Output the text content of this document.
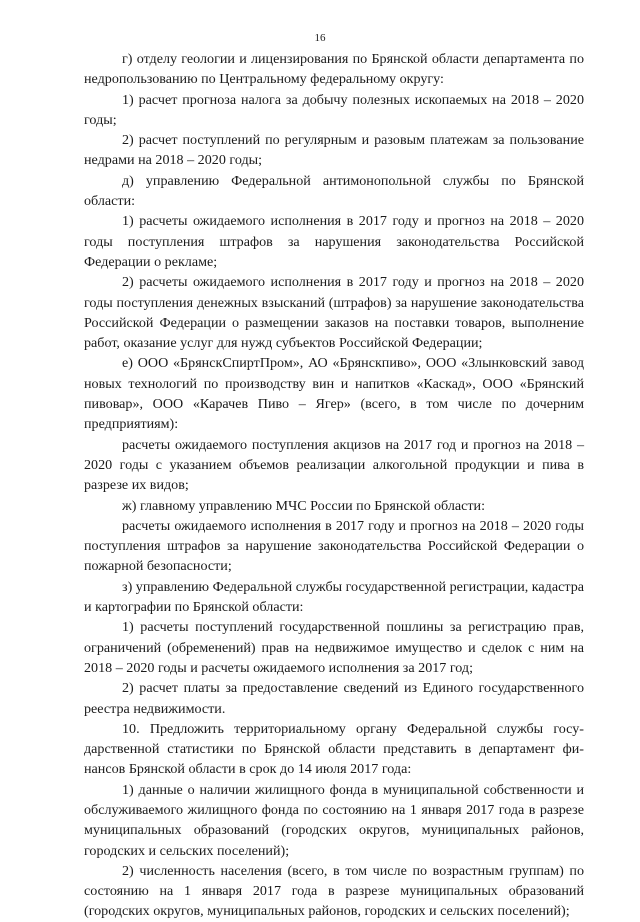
16

г) отделу геологии и лицензирования по Брянской области департамента по недропользованию по Центральному федеральному округу:

1) расчет прогноза налога за добычу полезных ископаемых на 2018 – 2020 годы;

2) расчет поступлений по регулярным и разовым платежам за пользование недрами на 2018 – 2020 годы;

д) управлению Федеральной антимонопольной службы по Брянской области:

1) расчеты ожидаемого исполнения в 2017 году и прогноз на 2018 – 2020 годы поступления штрафов за нарушения законодательства Российской Федерации о рекламе;

2) расчеты ожидаемого исполнения в 2017 году и прогноз на 2018 – 2020 годы поступления денежных взысканий (штрафов) за нарушение законодательства Российской Федерации о размещении заказов на поставки товаров, выполнение работ, оказание услуг для нужд субъектов Российской Федерации;

е) ООО «БрянскСпиртПром», АО «Брянскпиво», ООО «Злынковский завод новых технологий по производству вин и напитков «Каскад», ООО «Брянский пивовар», ООО «Карачев Пиво – Ягер» (всего, в том числе по дочерним предприятиям):

расчеты ожидаемого поступления акцизов на 2017 год и прогноз на 2018 – 2020 годы с указанием объемов реализации алкогольной продукции и пива в разрезе их видов;

ж) главному управлению МЧС России по Брянской области:

расчеты ожидаемого исполнения в 2017 году и прогноз на 2018 – 2020 годы поступления штрафов за нарушение законодательства Российской Федерации о пожарной безопасности;

з) управлению Федеральной службы государственной регистрации, кадастра и картографии по Брянской области:

1) расчеты поступлений государственной пошлины за регистрацию прав, ограничений (обременений) прав на недвижимое имущество и сделок с ним на 2018 – 2020 годы и расчеты ожидаемого исполнения за 2017 год;

2) расчет платы за предоставление сведений из Единого государственного реестра недвижимости.

10. Предложить территориальному органу Федеральной службы государственной статистики по Брянской области представить в департамент финансов Брянской области в срок до 14 июля 2017 года:

1) данные о наличии жилищного фонда в муниципальной собственности и обслуживаемого жилищного фонда по состоянию на 1 января 2017 года в разрезе муниципальных образований (городских округов, муниципальных районов, городских и сельских поселений);

2) численность населения (всего, в том числе по возрастным группам) по состоянию на 1 января 2017 года в разрезе муниципальных образований (городских округов, муниципальных районов, городских и сельских поселений);
